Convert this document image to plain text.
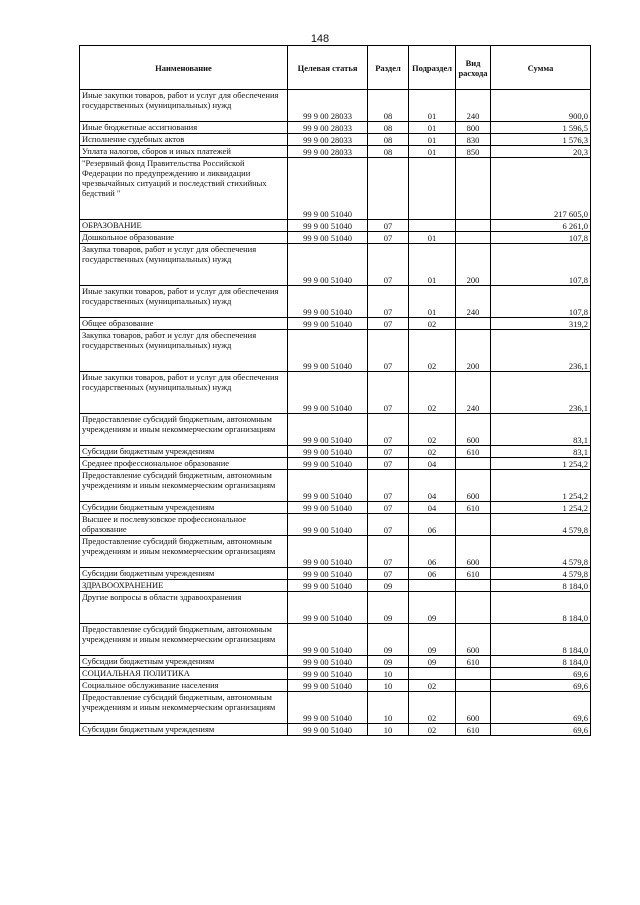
148
Наименование	Целевая статья	Раздел	Подраздел	Вид расхода	Сумма
Иные закупки товаров, работ и услуг для обеспечения государственных (муниципальных) нужд	99 9 00 28033	08	01	240	900,0
Иные бюджетные ассигнования	99 9 00 28033	08	01	800	1 596,5
Исполнение судебных актов	99 9 00 28033	08	01	830	1 576,3
Уплата налогов, сборов и иных платежей	99 9 00 28033	08	01	850	20,3
"Резервный фонд Правительства Российской Федерации по предупреждению и ликвидации чрезвычайных ситуаций и последствий стихийных бедствий "	99 9 00 51040				217 605,0
ОБРАЗОВАНИЕ	99 9 00 51040	07			6 261,0
Дошкольное образование	99 9 00 51040	07	01		107,8
Закупка товаров, работ и услуг для обеспечения государственных (муниципальных) нужд	99 9 00 51040	07	01	200	107,8
Иные закупки товаров, работ и услуг для обеспечения государственных (муниципальных) нужд	99 9 00 51040	07	01	240	107,8
Общее образование	99 9 00 51040	07	02		319,2
Закупка товаров, работ и услуг для обеспечения государственных (муниципальных) нужд	99 9 00 51040	07	02	200	236,1
Иные закупки товаров, работ и услуг для обеспечения государственных (муниципальных) нужд	99 9 00 51040	07	02	240	236,1
Предоставление субсидий бюджетным, автономным учреждениям и иным некоммерческим организациям	99 9 00 51040	07	02	600	83,1
Субсидии бюджетным учреждениям	99 9 00 51040	07	02	610	83,1
Среднее профессиональное образование	99 9 00 51040	07	04		1 254,2
Предоставление субсидий бюджетным, автономным учреждениям и иным некоммерческим организациям	99 9 00 51040	07	04	600	1 254,2
Субсидии бюджетным учреждениям	99 9 00 51040	07	04	610	1 254,2
Высшее и послевузовское профессиональное образование	99 9 00 51040	07	06		4 579,8
Предоставление субсидий бюджетным, автономным учреждениям и иным некоммерческим организациям	99 9 00 51040	07	06	600	4 579,8
Субсидии бюджетным учреждениям	99 9 00 51040	07	06	610	4 579,8
ЗДРАВООХРАНЕНИЕ	99 9 00 51040	09			8 184,0
Другие вопросы в области здравоохранения	99 9 00 51040	09	09		8 184,0
Предоставление субсидий бюджетным, автономным учреждениям и иным некоммерческим организациям	99 9 00 51040	09	09	600	8 184,0
Субсидии бюджетным учреждениям	99 9 00 51040	09	09	610	8 184,0
СОЦИАЛЬНАЯ ПОЛИТИКА	99 9 00 51040	10			69,6
Социальное обслуживание населения	99 9 00 51040	10	02		69,6
Предоставление субсидий бюджетным, автономным учреждениям и иным некоммерческим организациям	99 9 00 51040	10	02	600	69,6
Субсидии бюджетным учреждениям	99 9 00 51040	10	02	610	69,6
